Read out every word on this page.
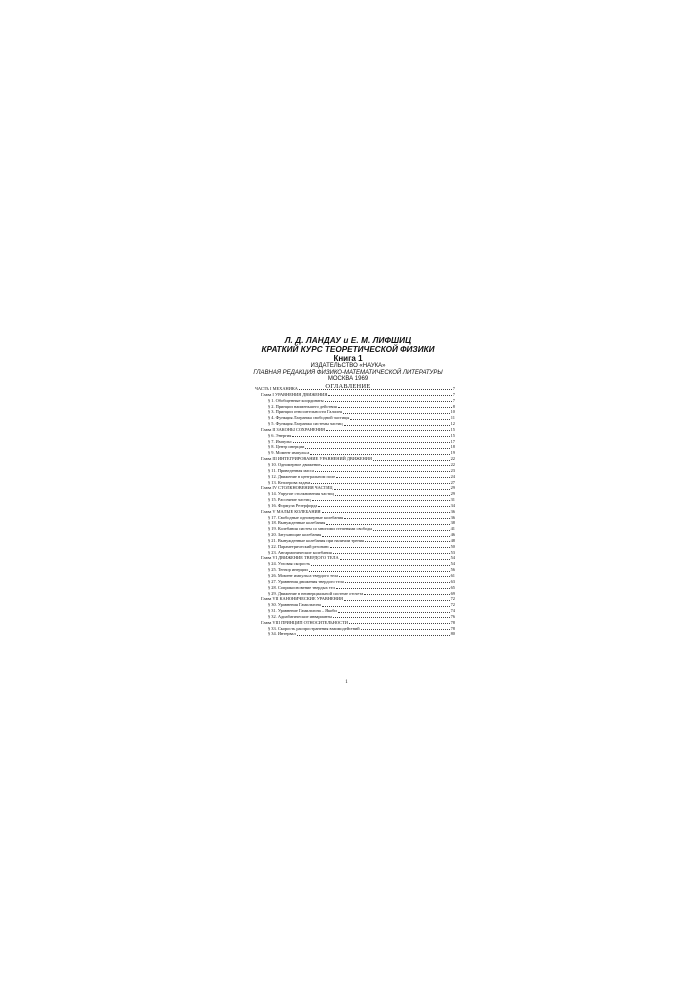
Л. Д. ЛАНДАУ и Е. М. ЛИФШИЦ
КРАТКИЙ КУРС ТЕОРЕТИЧЕСКОЙ ФИЗИКИ
Книга 1
ИЗДАТЕЛЬСТВО «НАУКА»
ГЛАВНАЯ РЕДАКЦИЯ ФИЗИКО-МАТЕМАТИЧЕСКОЙ ЛИТЕРАТУРЫ
МОСКВА 1969
ОГЛАВЛЕНИЕ
ЧАСТЬ I МЕХАНИКА	7
Глава I УРАВНЕНИЯ ДВИЖЕНИЯ	7
§ 1. Обобщенные координаты	7
§ 2. Принцип наименьшего действия	8
§ 3. Принцип относительности Галилея	10
§ 4. Функция Лагранжа свободной частицы	11
§ 5. Функция Лагранжа системы частиц	12
Глава II ЗАКОНЫ СОХРАНЕНИЯ	15
§ 6. Энергия	15
§ 7. Импульс	17
§ 8. Центр инерции	18
§ 9. Момент импульса	19
Глава III ИНТЕГРИРОВАНИЕ УРАВНЕНИЙ ДВИЖЕНИЯ	22
§ 10. Одномерное движение	22
§ 11. Приведенная масса	23
§ 12. Движение в центральном поле	24
§ 13. Кеплерова задача	27
Глава IV СТОЛКНОВЕНИЯ ЧАСТИЦ	29
§ 14. Упругие столкновения частиц	29
§ 15. Рассеяние частиц	31
§ 16. Формула Резерфорда	34
Глава V МАЛЫЕ КОЛЕБАНИЯ	36
§ 17. Свободные одномерные колебания	36
§ 18. Вынужденные колебания	38
§ 19. Колебания систем со многими степенями свободы	41
§ 20. Затухающие колебания	46
§ 21. Вынужденные колебания при наличии трения	48
§ 22. Параметрический резонанс	50
§ 23. Ангармонические колебания	53
Глава VI ДВИЖЕНИЕ ТВЕРДОГО ТЕЛА	54
§ 24. Угловая скорость	54
§ 25. Тензор инерции	56
§ 26. Момент импульса твердого тела	61
§ 27. Уравнения движения твердого тела	63
§ 28. Соприкосновение твердых тел	65
§ 29. Движение в неинерциальной системе отсчета	69
Глава VII КАНОНИЧЕСКИЕ УРАВНЕНИЯ	72
§ 30. Уравнения Гамильтона	72
§ 31. Уравнение Гамильтона – Якоби	74
§ 32. Адиабатические инварианты	76
Глава VIII ПРИНЦИП ОТНОСИТЕЛЬНОСТИ	78
§ 33. Скорость распространения взаимодействий	78
§ 34. Интервал	80
1
